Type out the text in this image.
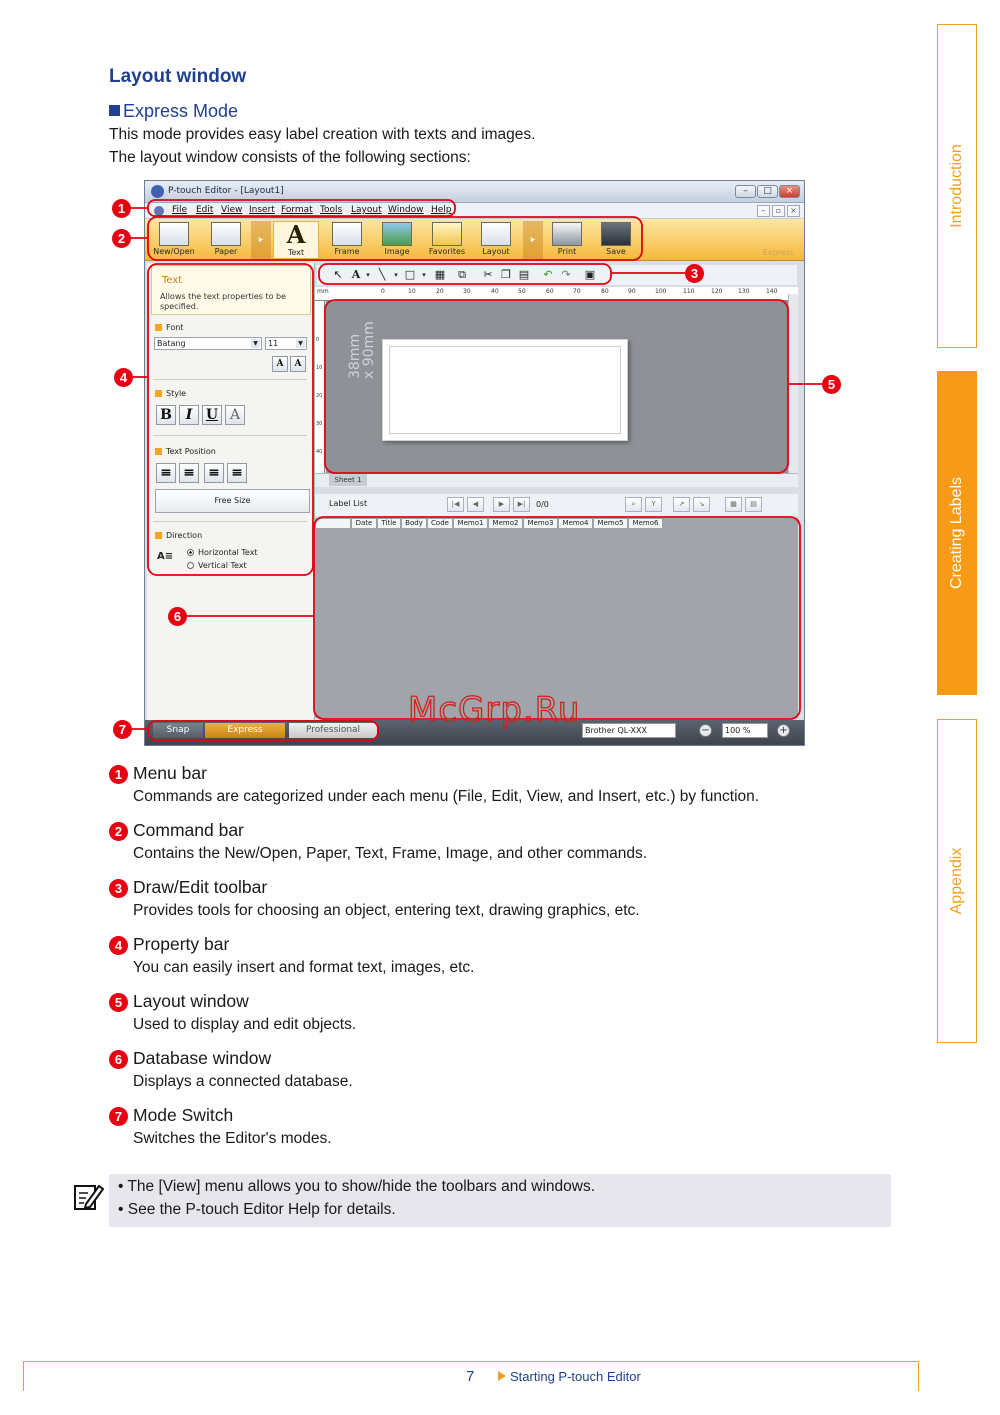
Layout window
Express Mode

This mode provides easy label creation with texts and images.

The layout window consists of the following sections:	Introduction
Creating Labels
Appendix
P-touch Editor - [Layout1]	–	□	×
File Edit View Insert Format Tools Layout Window Help	–	▫	×
New/Open	Paper
▸ A
Text	Frame	Image	Favorites	Layout
▸
Print	Save	Express
Text
Allows the text properties to be specified.
Font
Batang	▼	11	▼
A	A
Style
B I U A
Text Position
≡ ≡ ≡ ≡
Free Size
Direction
A≡	Horizontal Text
Vertical Text
↖ A ▾ ╲	▾ □	▾ ▦ ⧉ ✂ ❐ ▤ ↶ ↷ ▣
mm	0	10	20	30	40	50	60	70	80	90	100	110	120	130	140
0
10
20
30
40
38mm
x 90mm
Sheet 1
Label List	|◀	◀	▶	▶|	0/0	⌕	Y	↗	↘	▦	▤
Date	Title	Body	Code	Memo1	Memo2	Memo3	Memo4	Memo5	Memo6
Snap	Express	Professional	Brother QL-XXX	−	100 %	+
1
2
3
4	5
6
7	McGrp.Ru
1 Menu bar
Commands are categorized under each menu (File, Edit, View, and Insert, etc.) by function.
2 Command bar
Contains the New/Open, Paper, Text, Frame, Image, and other commands.
3 Draw/Edit toolbar
Provides tools for choosing an object, entering text, drawing graphics, etc.
4 Property bar
You can easily insert and format text, images, etc.
5 Layout window
Used to display and edit objects.
6 Database window
Displays a connected database.
7 Mode Switch
Switches the Editor's modes.

• The [View] menu allows you to show/hide the toolbars and windows.

• See the P-touch Editor Help for details.

7	Starting P-touch Editor
